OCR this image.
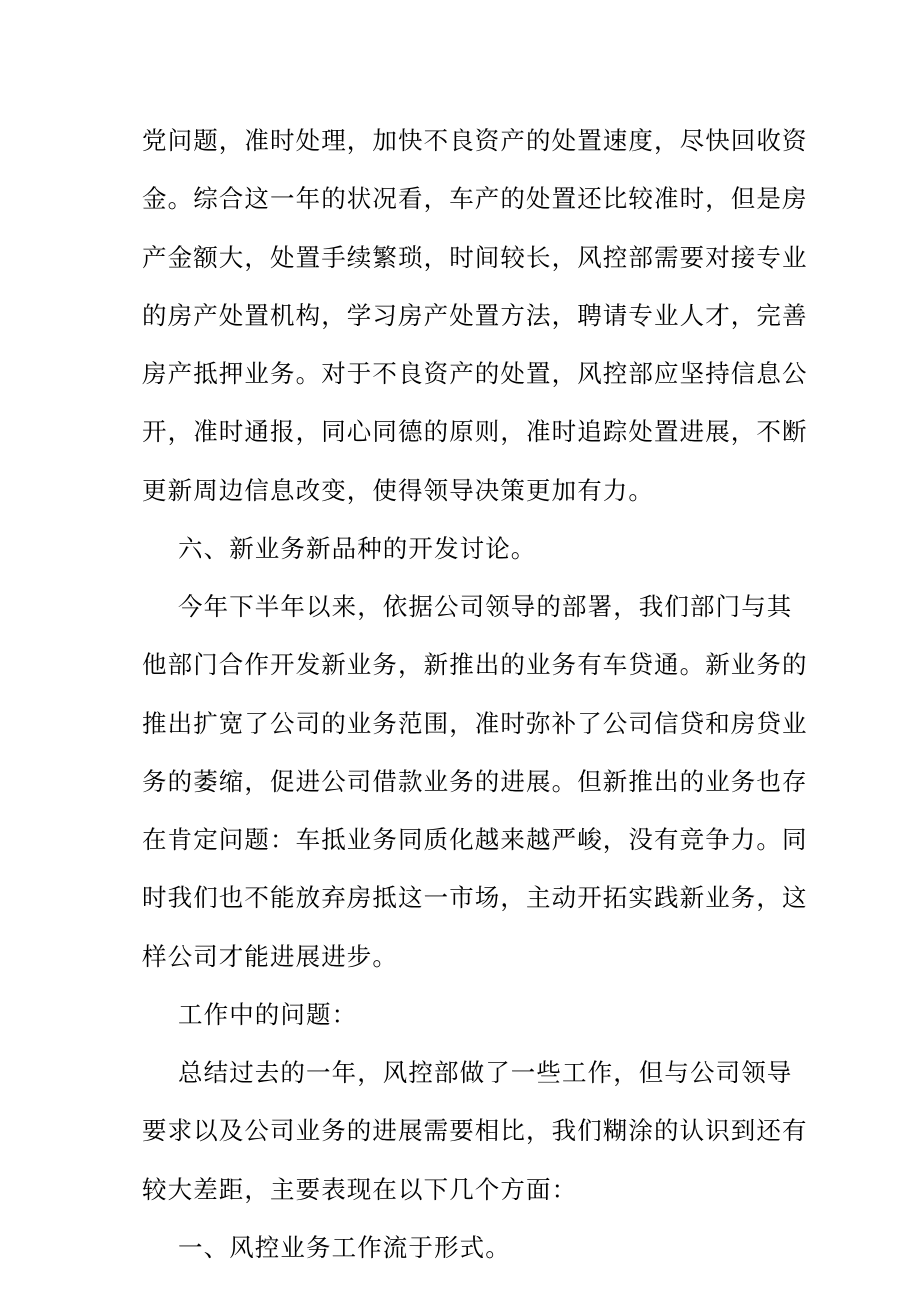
党问题，准时处理，加快不良资产的处置速度，尽快回收资
金。综合这一年的状况看，车产的处置还比较准时，但是房
产金额大，处置手续繁琐，时间较长，风控部需要对接专业
的房产处置机构，学习房产处置方法，聘请专业人才，完善
房产抵押业务。对于不良资产的处置，风控部应坚持信息公
开，准时通报，同心同德的原则，准时追踪处置进展，不断
更新周边信息改变，使得领导决策更加有力。
六、新业务新品种的开发讨论。
今年下半年以来，依据公司领导的部署，我们部门与其
他部门合作开发新业务，新推出的业务有车贷通。新业务的
推出扩宽了公司的业务范围，准时弥补了公司信贷和房贷业
务的萎缩，促进公司借款业务的进展。但新推出的业务也存
在肯定问题：车抵业务同质化越来越严峻，没有竞争力。同
时我们也不能放弃房抵这一市场，主动开拓实践新业务，这
样公司才能进展进步。
工作中的问题：
总结过去的一年，风控部做了一些工作，但与公司领导
要求以及公司业务的进展需要相比，我们糊涂的认识到还有
较大差距，主要表现在以下几个方面：
一、风控业务工作流于形式。
